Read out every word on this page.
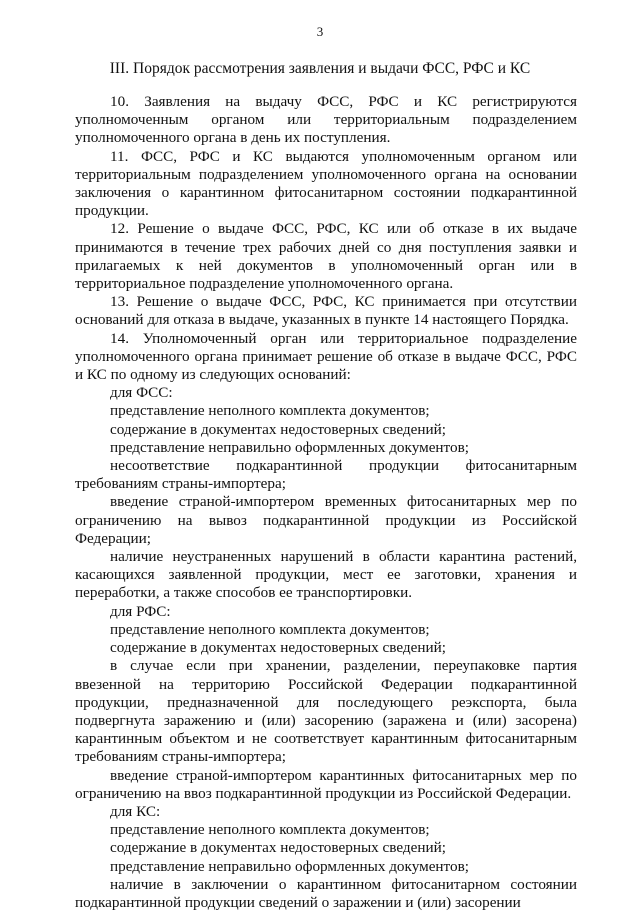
3
III. Порядок рассмотрения заявления и выдачи ФСС, РФС и КС

10. Заявления на выдачу ФСС, РФС и КС регистрируются уполномоченным органом или территориальным подразделением уполномоченного органа в день их поступления.

11. ФСС, РФС и КС выдаются уполномоченным органом или территориальным подразделением уполномоченного органа на основании заключения о карантинном фитосанитарном состоянии подкарантинной продукции.

12. Решение о выдаче ФСС, РФС, КС или об отказе в их выдаче принимаются в течение трех рабочих дней со дня поступления заявки и прилагаемых к ней документов в уполномоченный орган или в территориальное подразделение уполномоченного органа.

13. Решение о выдаче ФСС, РФС, КС принимается при отсутствии оснований для отказа в выдаче, указанных в пункте 14 настоящего Порядка.

14. Уполномоченный орган или территориальное подразделение уполномоченного органа принимает решение об отказе в выдаче ФСС, РФС и КС по одному из следующих оснований:

для ФСС:

представление неполного комплекта документов;

содержание в документах недостоверных сведений;

представление неправильно оформленных документов;

несоответствие подкарантинной продукции фитосанитарным требованиям страны-импортера;

введение страной-импортером временных фитосанитарных мер по ограничению на вывоз подкарантинной продукции из Российской Федерации;

наличие неустраненных нарушений в области карантина растений, касающихся заявленной продукции, мест ее заготовки, хранения и переработки, а также способов ее транспортировки.

для РФС:

представление неполного комплекта документов;

содержание в документах недостоверных сведений;

в случае если при хранении, разделении, переупаковке партия ввезенной на территорию Российской Федерации подкарантинной продукции, предназначенной для последующего реэкспорта, была подвергнута заражению и (или) засорению (заражена и (или) засорена) карантинным объектом и не соответствует карантинным фитосанитарным требованиям страны-импортера;

введение страной-импортером карантинных фитосанитарных мер по ограничению на ввоз подкарантинной продукции из Российской Федерации.

для КС:

представление неполного комплекта документов;

содержание в документах недостоверных сведений;

представление неправильно оформленных документов;

наличие в заключении о карантинном фитосанитарном состоянии подкарантинной продукции сведений о заражении и (или) засорении
